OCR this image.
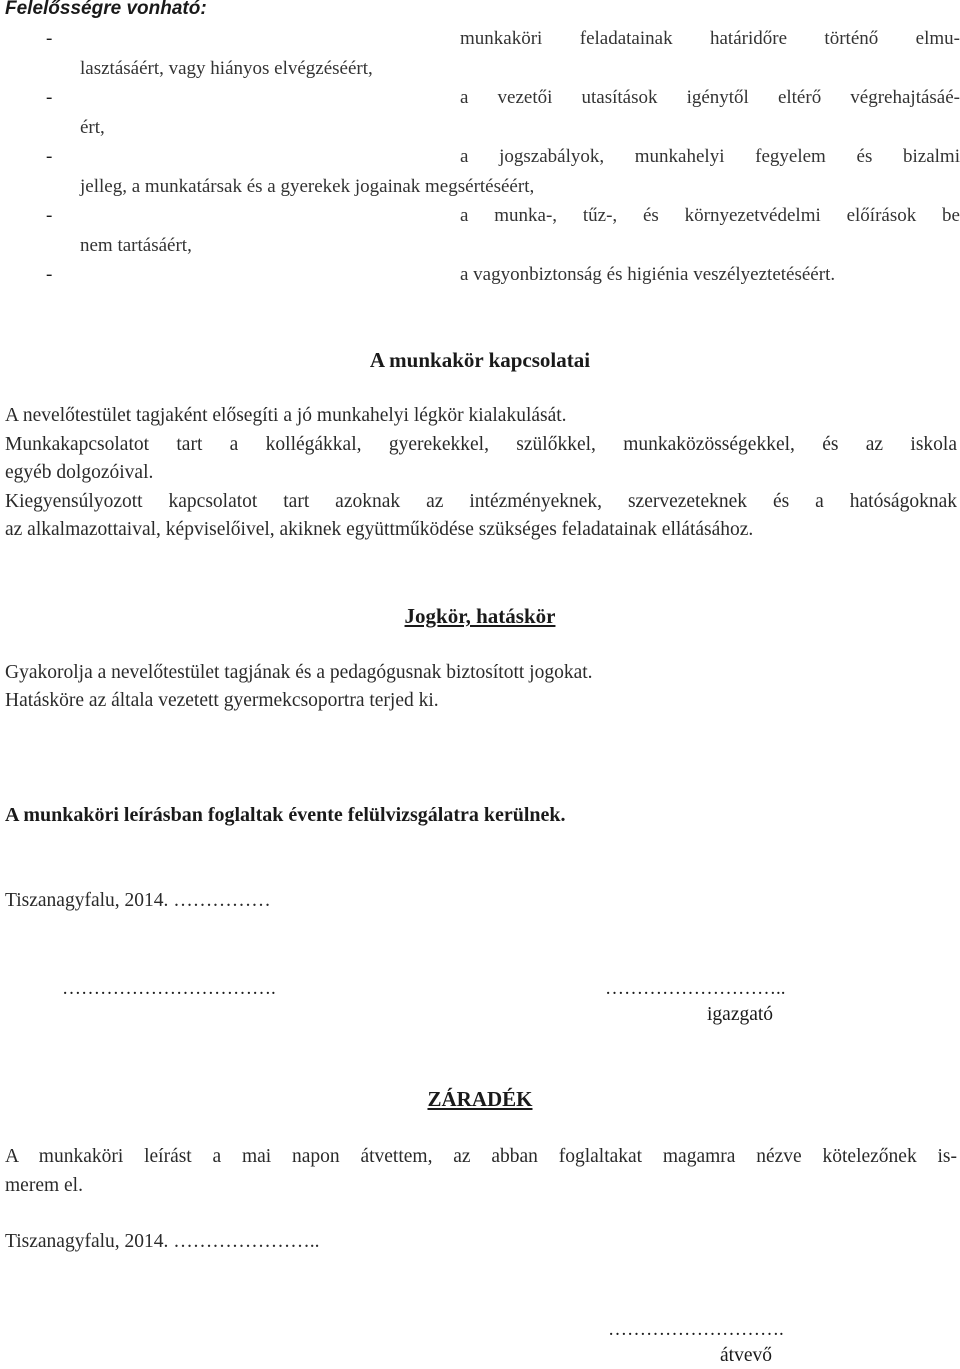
Felelősségre vonható:
-	munkaköri feladatainak határidőre történő elmu-
lasztásáért, vagy hiányos elvégzéséért,
-	a vezetői utasítások igénytől eltérő végrehajtásáé-
ért,
-	a jogszabályok, munkahelyi fegyelem és bizalmi
jelleg, a munkatársak és a gyerekek jogainak megsértéséért,
-	a munka-, tűz-, és környezetvédelmi előírások be
nem tartásáért,
-	a vagyonbiztonság és higiénia veszélyeztetéséért.
A munkakör kapcsolatai
A nevelőtestület tagjaként elősegíti a jó munkahelyi légkör kialakulását.
Munkakapcsolatot tart a kollégákkal, gyerekekkel, szülőkkel, munkaközösségekkel, és az iskola
egyéb dolgozóival.
Kiegyensúlyozott kapcsolatot tart azoknak az intézményeknek, szervezeteknek és a hatóságoknak
az alkalmazottaival, képviselőivel, akiknek együttműködése szükséges feladatainak ellátásához.
Jogkör, hatáskör
Gyakorolja a nevelőtestület tagjának és a pedagógusnak biztosított jogokat.
Hatásköre az általa vezetett gyermekcsoportra terjed ki.
A munkaköri leírásban foglaltak évente felülvizsgálatra kerülnek.
Tiszanagyfalu, 2014. ……………
…………………………….	………………………..
igazgató
ZÁRADÉK
A munkaköri leírást a mai napon átvettem, az abban foglaltakat magamra nézve kötelezőnek is-
merem el.
Tiszanagyfalu, 2014. …………………..
……………………….
átvevő
